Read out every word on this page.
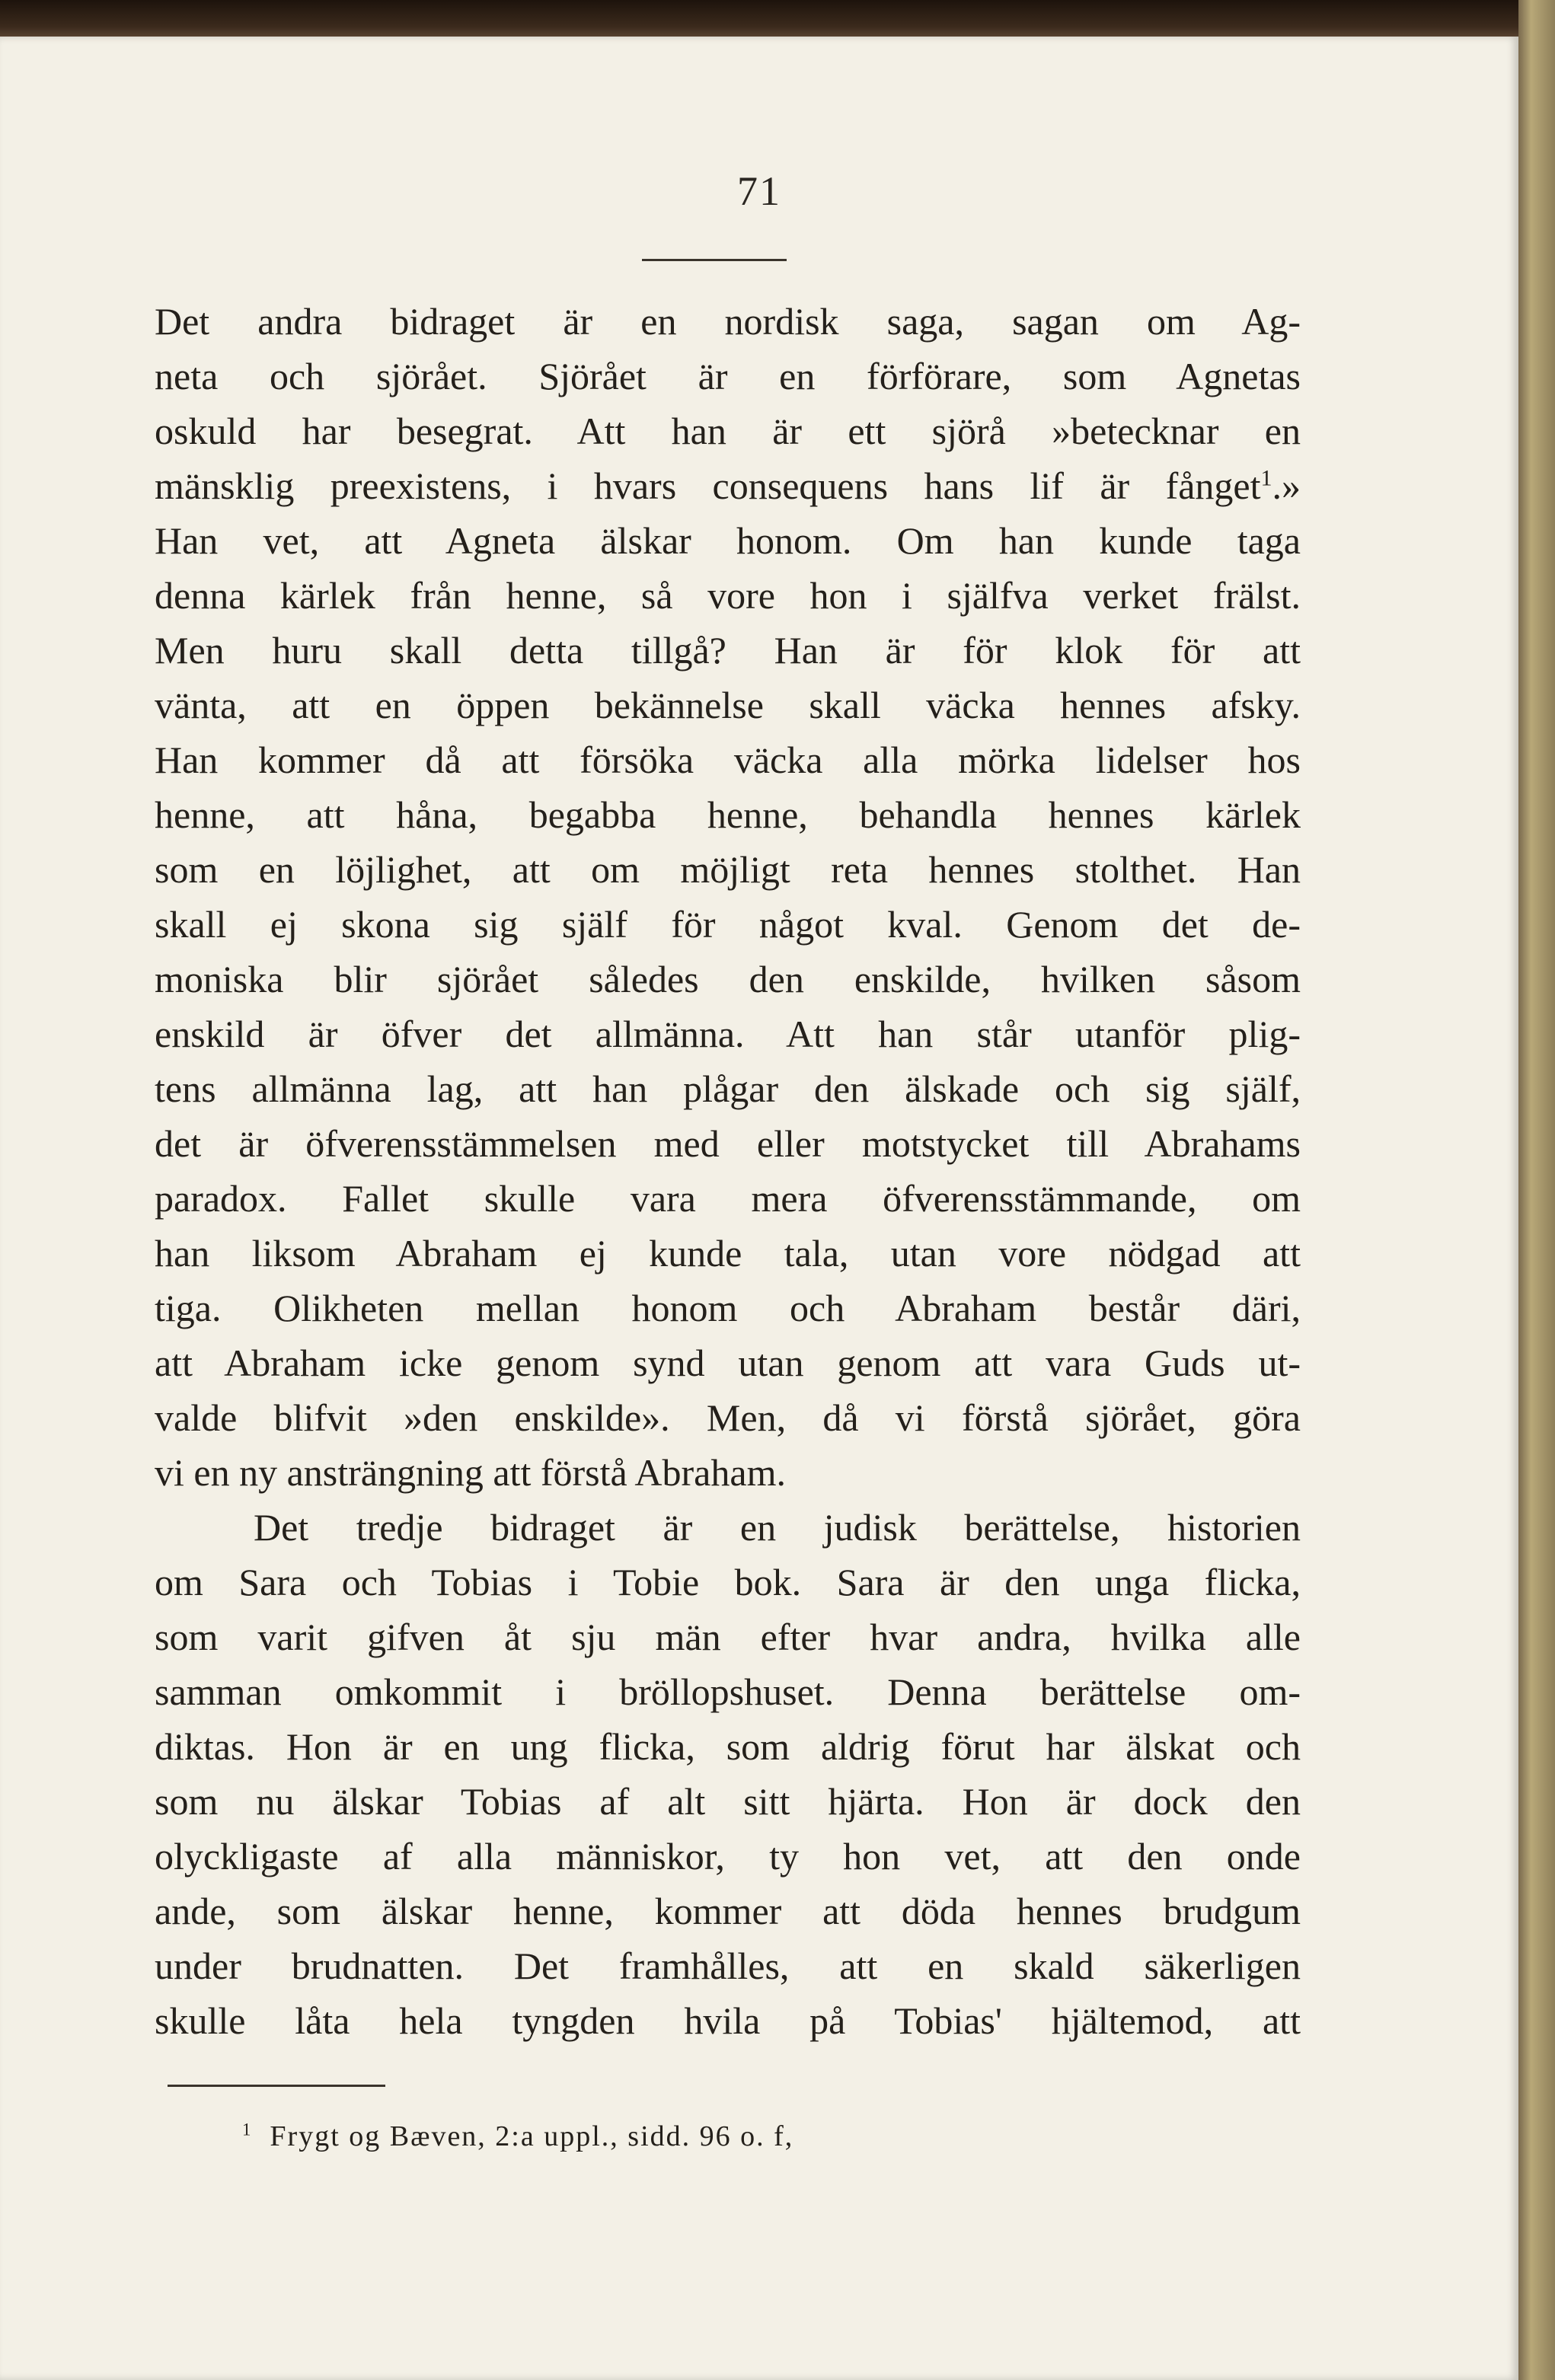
71
Det andra bidraget är en nordisk saga, sagan om Ag-
neta och sjörået. Sjörået är en förförare, som Agnetas
oskuld har besegrat. Att han är ett sjörå »betecknar en
mänsklig preexistens, i hvars consequens hans lif är fånget$^1$.»
Han vet, att Agneta älskar honom. Om han kunde taga
denna kärlek från henne, så vore hon i själfva verket frälst.
Men huru skall detta tillgå? Han är för klok för att
vänta, att en öppen bekännelse skall väcka hennes afsky.
Han kommer då att försöka väcka alla mörka lidelser hos
henne, att håna, begabba henne, behandla hennes kärlek
som en löjlighet, att om möjligt reta hennes stolthet. Han
skall ej skona sig själf för något kval. Genom det de-
moniska blir sjörået således den enskilde, hvilken såsom
enskild är öfver det allmänna. Att han står utanför plig-
tens allmänna lag, att han plågar den älskade och sig själf,
det är öfverensstämmelsen med eller motstycket till Abrahams
paradox. Fallet skulle vara mera öfverensstämmande, om
han liksom Abraham ej kunde tala, utan vore nödgad att
tiga. Olikheten mellan honom och Abraham består däri,
att Abraham icke genom synd utan genom att vara Guds ut-
valde blifvit »den enskilde». Men, då vi förstå sjörået, göra
vi en ny ansträngning att förstå Abraham.
Det tredje bidraget är en judisk berättelse, historien
om Sara och Tobias i Tobie bok. Sara är den unga flicka,
som varit gifven åt sju män efter hvar andra, hvilka alle
samman omkommit i bröllopshuset. Denna berättelse om-
diktas. Hon är en ung flicka, som aldrig förut har älskat och
som nu älskar Tobias af alt sitt hjärta. Hon är dock den
olyckligaste af alla människor, ty hon vet, att den onde
ande, som älskar henne, kommer att döda hennes brudgum
under brudnatten. Det framhålles, att en skald säkerligen
skulle låta hela tyngden hvila på Tobias' hjältemod, att
$^1$ Frygt og Bæven, 2:a uppl., sidd. 96 o. f,
